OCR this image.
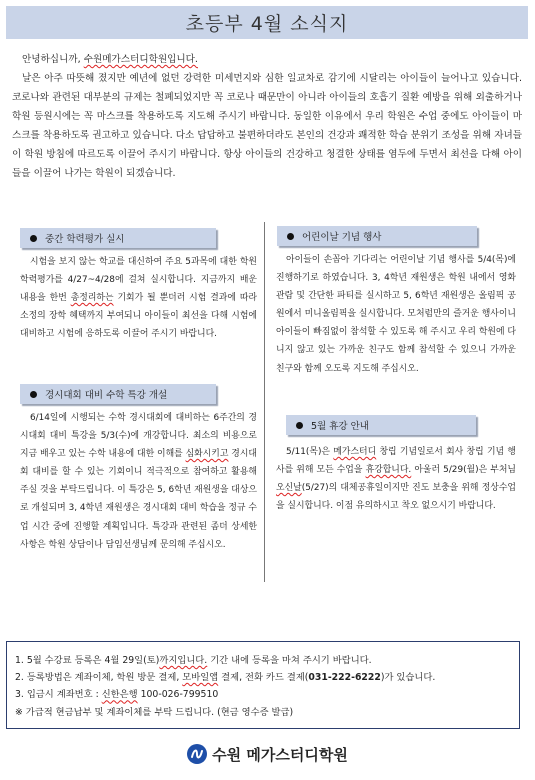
초등부 4월 소식지

안녕하십니까, 수원메가스터디학원입니다.

날은 아주 따뜻해 졌지만 예년에 없던 강력한 미세먼지와 심한 일교차로 감기에 시달리는 아이들이 늘어나고 있습니다. 코로나와 관련된 대부분의 규제는 철폐되었지만 꼭 코로나 때문만이 아니라 아이들의 호흡기 질환 예방을 위해 외출하거나 학원 등원시에는 꼭 마스크를 착용하도록 지도해 주시기 바랍니다. 동일한 이유에서 우리 학원은 수업 중에도 아이들이 마스크를 착용하도록 권고하고 있습니다. 다소 답답하고 불편하더라도 본인의 건강과 쾌적한 학습 분위기 조성을 위해 자녀들이 학원 방침에 따르도록 이끌어 주시기 바랍니다. 항상 아이들의 건강하고 청결한 상태를 염두에 두면서 최선을 다해 아이들을 이끌어 나가는 학원이 되겠습니다.

중간 학력평가 실시

시험을 보지 않는 학교를 대신하여 주요 5과목에 대한 학원 학력평가를 4/27~4/28에 걸쳐 실시합니다. 지금까지 배운 내용을 한번 총정리하는 기회가 될 뿐더러 시험 결과에 따라 소정의 장학 혜택까지 부여되니 아이들이 최선을 다해 시험에 대비하고 시험에 응하도록 이끌어 주시기 바랍니다.

경시대회 대비 수학 특강 개설

6/14일에 시행되는 수학 경시대회에 대비하는 6주간의 경시대회 대비 특강을 5/3(수)에 개강합니다. 최소의 비용으로 지금 배우고 있는 수학 내용에 대한 이해를 심화시키고 경시대회 대비를 할 수 있는 기회이니 적극적으로 참여하고 활용해 주실 것을 부탁드립니다. 이 특강은 5, 6학년 재원생을 대상으로 개설되며 3, 4학년 재원생은 경시대회 대비 학습을 정규 수업 시간 중에 진행할 계획입니다. 특강과 관련된 좀더 상세한 사항은 학원 상담이나 담임선생님께 문의해 주십시오.

어린이날 기념 행사

아이들이 손꼽아 기다리는 어린이날 기념 행사를 5/4(목)에 진행하기로 하였습니다. 3, 4학년 재원생은 학원 내에서 영화 관람 및 간단한 파티를 실시하고 5, 6학년 재원생은 올림픽 공원에서 미니올림픽을 실시합니다. 모처럼만의 즐거운 행사이니 아이들이 빠짐없이 참석할 수 있도록 해 주시고 우리 학원에 다니지 않고 있는 가까운 친구도 함께 참석할 수 있으니 가까운 친구와 함께 오도록 지도해 주십시오.

5월 휴강 안내

5/11(목)은 메가스터디 창립 기념일로서 회사 창립 기념 행사를 위해 모든 수업을 휴강합니다. 아울러 5/29(월)은 부처님 오신날(5/27)의 대체공휴일이지만 진도 보충을 위해 정상수업을 실시합니다. 이점 유의하시고 착오 없으시기 바랍니다.

1. 5월 수강료 등록은 4월 29일(토)까지입니다. 기간 내에 등록을 마쳐 주시기 바랍니다.
2. 등록방법은 계좌이체, 학원 방문 결제, 모바일앱 결제, 전화 카드 결제(031-222-6222)가 있습니다.
3. 입금시 계좌번호 : 신한은행 100-026-799510
※ 가급적 현금납부 및 계좌이체를 부탁 드립니다. (현금 영수증 발급)
수원 메가스터디학원
